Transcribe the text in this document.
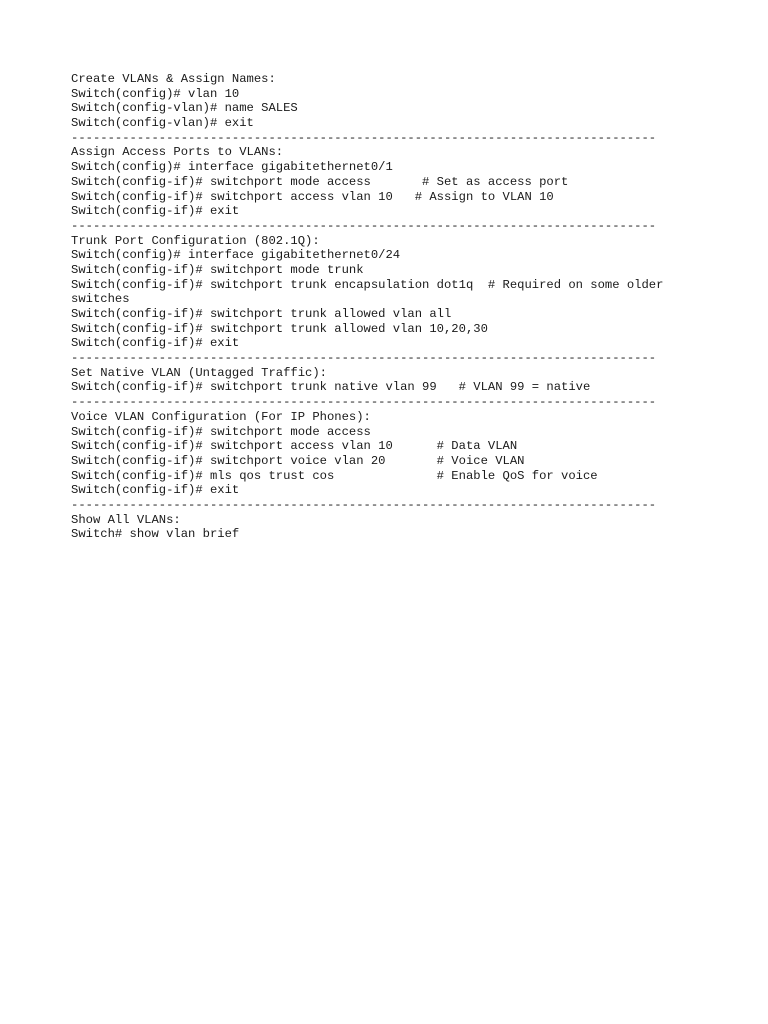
Create VLANs & Assign Names:
Switch(config)# vlan 10
Switch(config-vlan)# name SALES
Switch(config-vlan)# exit
--------------------------------------------------------------------------------
Assign Access Ports to VLANs:
Switch(config)# interface gigabitethernet0/1
Switch(config-if)# switchport mode access       # Set as access port
Switch(config-if)# switchport access vlan 10   # Assign to VLAN 10
Switch(config-if)# exit
--------------------------------------------------------------------------------
Trunk Port Configuration (802.1Q):
Switch(config)# interface gigabitethernet0/24
Switch(config-if)# switchport mode trunk
Switch(config-if)# switchport trunk encapsulation dot1q  # Required on some older
switches
Switch(config-if)# switchport trunk allowed vlan all
Switch(config-if)# switchport trunk allowed vlan 10,20,30
Switch(config-if)# exit
--------------------------------------------------------------------------------
Set Native VLAN (Untagged Traffic):
Switch(config-if)# switchport trunk native vlan 99   # VLAN 99 = native
--------------------------------------------------------------------------------
Voice VLAN Configuration (For IP Phones):
Switch(config-if)# switchport mode access
Switch(config-if)# switchport access vlan 10      # Data VLAN
Switch(config-if)# switchport voice vlan 20       # Voice VLAN
Switch(config-if)# mls qos trust cos              # Enable QoS for voice
Switch(config-if)# exit
--------------------------------------------------------------------------------
Show All VLANs:
Switch# show vlan brief
